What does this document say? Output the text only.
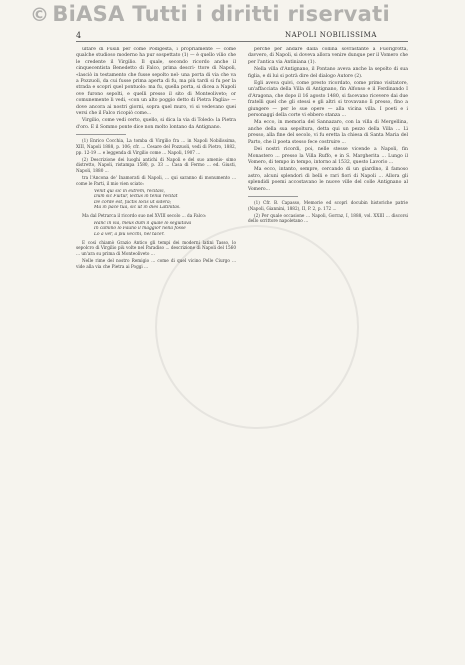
© BiASA Tutti i diritti riservati
4	NAPOLI NOBILISSIMA

ultare di Fusili per come Podigesta, i propriamente — come qualche studioso moderno ha pur sospettato (1) — è quello vilio che le credente il Virgilio. Il quale, secondo ricordo anche il cinquecentista Benedetto di Falco, prima descri- ttore di Napoli, «lasciò in testamento che fusse sepolto nel- una porta di via che va a Pozzuoli, da cui fusse prima aperta di fu, ma più tardi si fu per la strada e scopri quel pontuolo: ma fu, quella porta, si dicea a Napoli ove furono sepolti, e quelli presso il sito di Monteoliveto; or comunemente li vedi, «con un alto poggio detto di Pietra Paglia» — dove ancora ai nostri giorni, sopra quel muro, vi si vedevano quei versi che il Falco ricopiò come...

Virgilio, come vedi certo, quello, si dica la via di Toledo: la Pietra d'oro. E il Sommo ponte dice non molto lontano da Antignano.

(1) Enrico Cocchia, La tomba di Virgilio fra ... in Napoli Nobilissima, XIII, Napoli 1888, p. 106; cfr. ... Cesare del Pozzuoli, vedi di Pietro, 1882, pp. 12-19 ... e leggenda di Virgilio come ... Napoli, 1907 ...

(2) Descrizione dei luoghi antichi di Napoli e del suo amenis- simo distretto, Napoli, ristampa 1580, p. 33 ... Casa di Fermo ... ed. Giusti, Napoli, 1880 ...

tra l'Ancona de' Inamorati di Napoli, ... qui saranno di monumento ... come le Parti, il mio vien sciato:

Venit qui sic in extrem, recitavi,
Dum sic Fuitur, lectus in tenui recitat
De corde est, factis locis ut sidera;
Ma in pace tua, sic ut in dies Latinitas.

Ma dal Petrarca il ricordo suo nel XVIII secolo ... da Falco:

Hanc in via, meus dum il quale lo seguitava
In camino lo Fauno il maggior nella fosse
Lo a ver, a più vecchi, nel tacer.

E così chiamò Grazio Antico gli tempi dei moderni latini Tasso, lo sepolcro di Virgilio più volte nel Paradiso ... descrizione di Napoli del 1560 ... un'ara su prima di Monteoliveto ...

Nelle rime del nostro Remigio ... come di quel vicino Pelle Ciurgo ... vide alla via che Pietra ai Poggi ...

perché per andare dalla collina sovrastante a Fuorigrotta, davvero, di Napoli, si doveva allora venire dunque per il Vomero che per l'antica via Antiniana (1).

Nella villa d'Antignano, il Pontano aveva anche la sepolto di sua figlia, e di lui si potrà dire del dialogo Autore (2).

Egli aveva quivi, come presto ricordato, come primo visitatore, un'affacciata della Villa di Antignano, fin Alfonso e il Ferdinando I d'Aragona, che dopo il 16 agosto 1480, si facevano ricevere dai due fratelli quel che gli stessi e gli altri si trovavano lì presso, fino a giungere — per le sue opere — alla vicina villa. I poeti e i personaggi della corte vi ebbero stanza ...

Ma ecco, in memoria del Sannazaro, con la villa di Mergellina, anche della sua sepoltura, detta qui un pezzo della Villa ... Lì presso, alla fine del secolo, vi fu eretta la chiesa di Santa Maria del Parto, che il poeta stesso fece costruire ...

Dei nostri ricordi, poi, nelle stesse vicende a Napoli, fin Monastero ... presso la Villa Ruffo, e in S. Margherita ... Lungo il Vomero, di tempo in tempo, intorno al 1532, questo Lavorio ...

Ma ecco, intanto, sempre, cercando di un giardino, il famoso astro, alcuni splendori di belli e rari fiori di Napoli ... Allora gli splendidi poemi accostavano le nuove ville del colle Antignano al Vomero...

(1) Cfr. B. Capasso, Memorie ed scoprì docubin historiche patrie (Napoli, Giannini, 1882), II, P. 2, p. 172 ...

(2) Per quale occasione ... Napoli, Gorraz, I, 1888, vol. XXIII ... discorsi dello scrittore napoletano ...
